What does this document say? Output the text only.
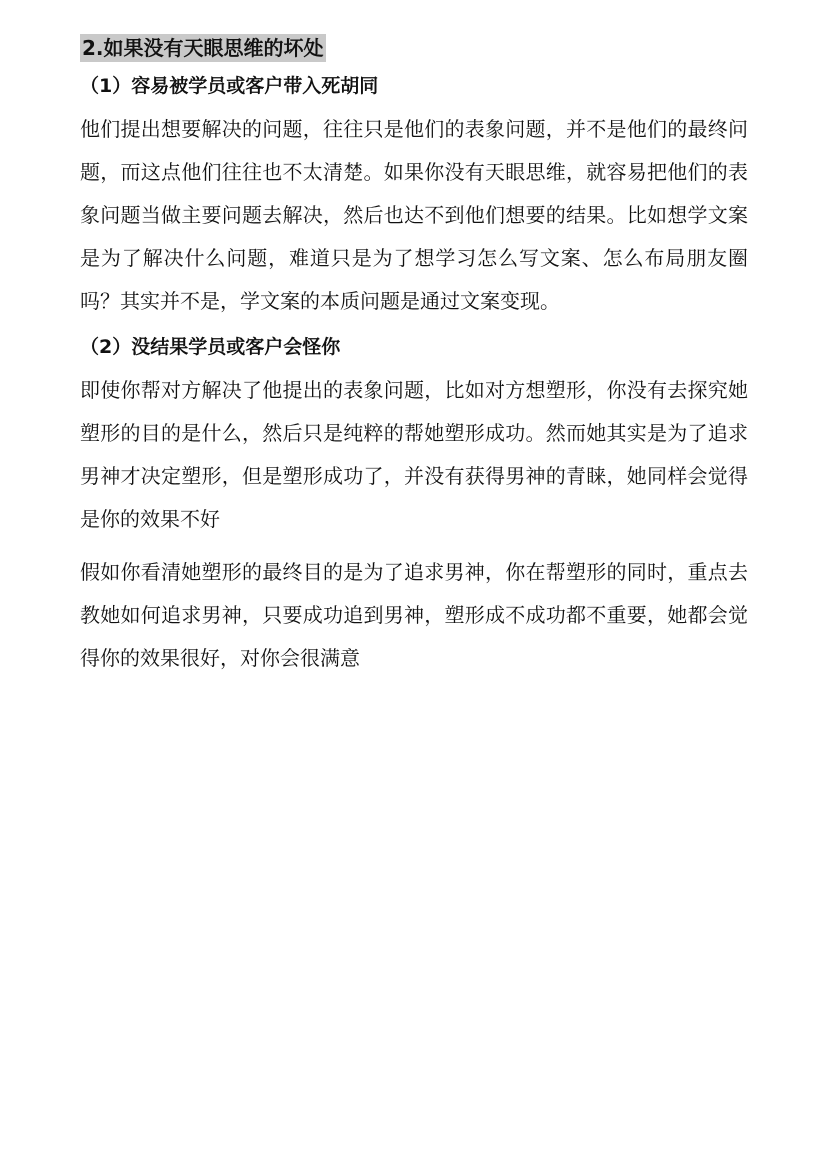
2.如果没有天眼思维的坏处
（1）容易被学员或客户带入死胡同

他们提出想要解决的问题，往往只是他们的表象问题，并不是他们的最终问题，而这点他们往往也不太清楚。如果你没有天眼思维，就容易把他们的表象问题当做主要问题去解决，然后也达不到他们想要的结果。比如想学文案是为了解决什么问题，难道只是为了想学习怎么写文案、怎么布局朋友圈吗？其实并不是，学文案的本质问题是通过文案变现。

（2）没结果学员或客户会怪你

即使你帮对方解决了他提出的表象问题，比如对方想塑形，你没有去探究她塑形的目的是什么，然后只是纯粹的帮她塑形成功。然而她其实是为了追求男神才决定塑形，但是塑形成功了，并没有获得男神的青睐，她同样会觉得是你的效果不好

假如你看清她塑形的最终目的是为了追求男神，你在帮塑形的同时，重点去教她如何追求男神，只要成功追到男神，塑形成不成功都不重要，她都会觉得你的效果很好，对你会很满意
